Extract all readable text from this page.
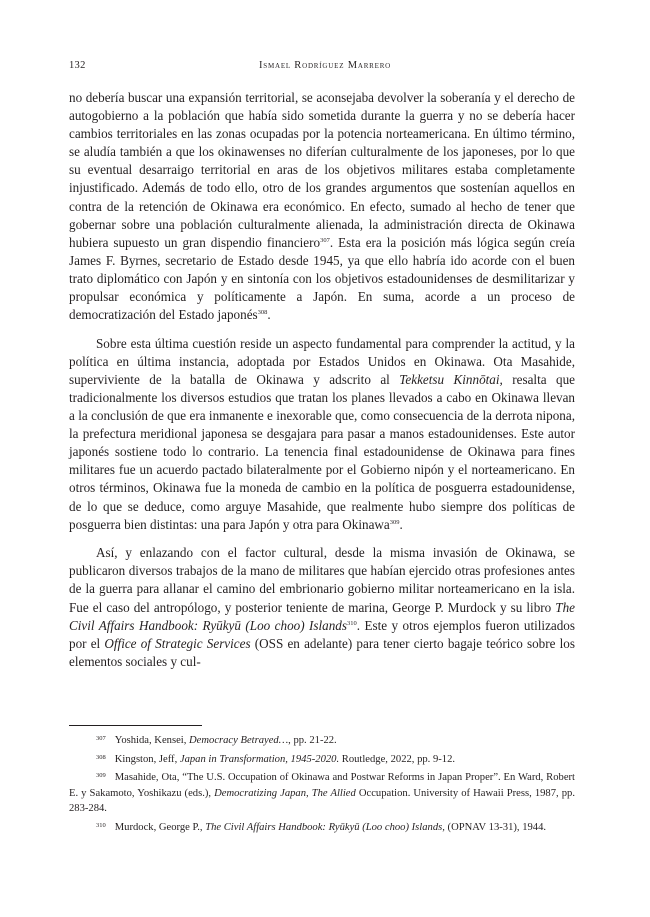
132	Ismael Rodríguez Marrero

no debería buscar una expansión territorial, se aconsejaba devolver la soberanía y el derecho de autogobierno a la población que había sido sometida durante la guerra y no se debería hacer cambios territoriales en las zonas ocupadas por la potencia norteamericana. En último término, se aludía también a que los okinawenses no diferían culturalmente de los japoneses, por lo que su eventual desarraigo territorial en aras de los objetivos militares estaba completamente injustificado. Además de todo ello, otro de los grandes argumentos que sostenían aquellos en contra de la retención de Okinawa era económico. En efecto, sumado al hecho de tener que gobernar sobre una población culturalmente alienada, la administración directa de Okinawa hubiera supuesto un gran dispendio financiero$^{307}$. Esta era la posición más lógica según creía James F. Byrnes, secretario de Estado desde 1945, ya que ello habría ido acorde con el buen trato diplomático con Japón y en sintonía con los objetivos estadounidenses de desmilitarizar y propulsar económica y políticamente a Japón. En suma, acorde a un proceso de democratización del Estado japonés$^{308}$.

Sobre esta última cuestión reside un aspecto fundamental para comprender la actitud, y la política en última instancia, adoptada por Estados Unidos en Okinawa. Ota Masahide, superviviente de la batalla de Okinawa y adscrito al Tekketsu Kinnōtai, resalta que tradicionalmente los diversos estudios que tratan los planes llevados a cabo en Okinawa llevan a la conclusión de que era inmanente e inexorable que, como consecuencia de la derrota nipona, la prefectura meridional japonesa se desgajara para pasar a manos estadounidenses. Este autor japonés sostiene todo lo contrario. La tenencia final estadounidense de Okinawa para fines militares fue un acuerdo pactado bilateralmente por el Gobierno nipón y el norteamericano. En otros términos, Okinawa fue la moneda de cambio en la política de posguerra estadounidense, de lo que se deduce, como arguye Masahide, que realmente hubo siempre dos políticas de posguerra bien distintas: una para Japón y otra para Okinawa$^{309}$.

Así, y enlazando con el factor cultural, desde la misma invasión de Okinawa, se publicaron diversos trabajos de la mano de militares que habían ejercido otras profesiones antes de la guerra para allanar el camino del embrionario gobierno militar norteamericano en la isla. Fue el caso del antropólogo, y posterior teniente de marina, George P. Murdock y su libro The Civil Affairs Handbook: Ryūkyū (Loo choo) Islands$^{310}$. Este y otros ejemplos fueron utilizados por el Office of Strategic Services (OSS en adelante) para tener cierto bagaje teórico sobre los elementos sociales y cul-

$^{307}$ Yoshida, Kensei, Democracy Betrayed…, pp. 21-22.

$^{308}$ Kingston, Jeff, Japan in Transformation, 1945-2020. Routledge, 2022, pp. 9-12.

$^{309}$ Masahide, Ota, “The U.S. Occupation of Okinawa and Postwar Reforms in Japan Proper”. En Ward, Robert E. y Sakamoto, Yoshikazu (eds.), Democratizing Japan, The Allied Occupation. University of Hawaii Press, 1987, pp. 283-284.

$^{310}$ Murdock, George P., The Civil Affairs Handbook: Ryūkyū (Loo choo) Islands, (OPNAV 13-31), 1944.
